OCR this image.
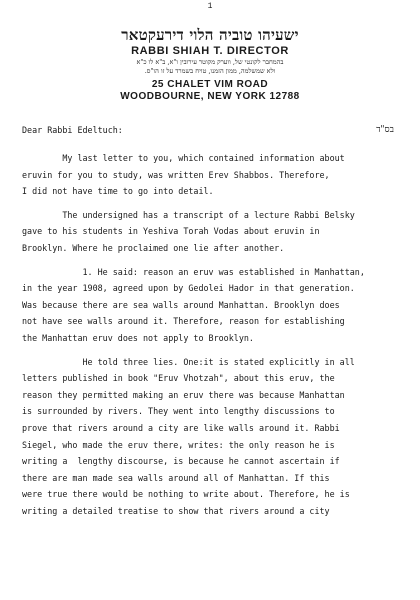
1
ישעיהו טוביה הלוי דירעקטאר
RABBI SHIAH T. DIRECTOR
בהמחבר לקונטי של, ווערק מקוטר עירובין ו"א, ב"א לו כ"א
ולא שמשלמה, ממון הזמנו, טויח בשמרד על זו הו"ס.
25 CHALET VIM ROAD
WOODBOURNE, NEW YORK 12788
Dear Rabbi Edeltuch:	בס"ד
My last letter to you, which contained information about
eruvin for you to study, was written Erev Shabbos. Therefore,
I did not have time to go into detail.
The undersigned has a transcript of a lecture Rabbi Belsky
gave to his students in Yeshiva Torah Vodas about eruvin in
Brooklyn. Where he proclaimed one lie after another.
1. He said: reason an eruv was established in Manhattan,
in the year 1908, agreed upon by Gedolei Hador in that generation.
Was because there are sea walls around Manhattan. Brooklyn does
not have see walls around it. Therefore, reason for establishing
the Manhattan eruv does not apply to Brooklyn.
He told three lies. One:it is stated explicitly in all
letters published in book "Eruv Vhotzah", about this eruv, the
reason they permitted making an eruv there was because Manhattan
is surrounded by rivers. They went into lengthy discussions to
prove that rivers around a city are like walls around it. Rabbi
Siegel, who made the eruv there, writes: the only reason he is
writing a  lengthy discourse, is because he cannot ascertain if
there are man made sea walls around all of Manhattan. If this
were true there would be nothing to write about. Therefore, he is
writing a detailed treatise to show that rivers around a city
